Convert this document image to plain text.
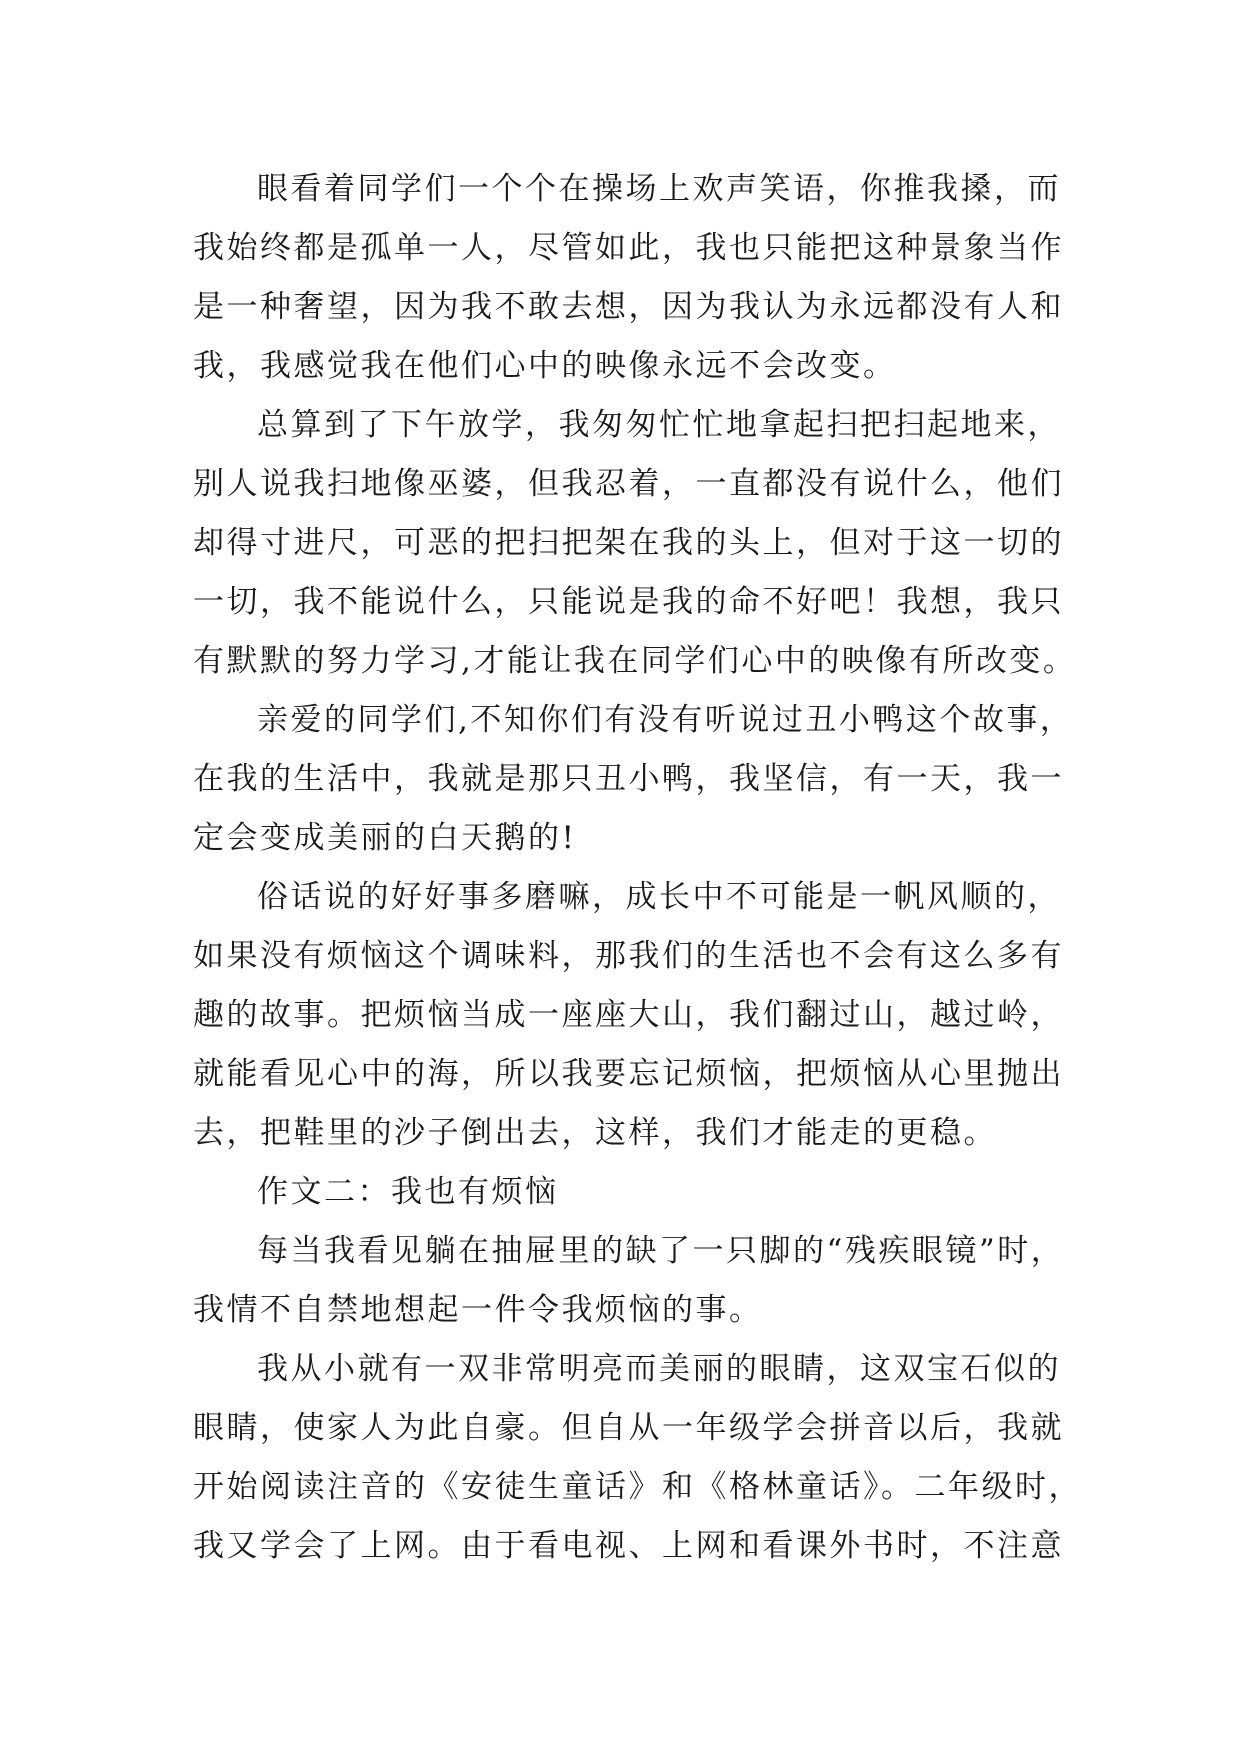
眼看着同学们一个个在操场上欢声笑语，你推我搡，而
我始终都是孤单一人，尽管如此，我也只能把这种景象当作
是一种奢望，因为我不敢去想，因为我认为永远都没有人和
我，我感觉我在他们心中的映像永远不会改变。
总算到了下午放学，我匆匆忙忙地拿起扫把扫起地来，
别人说我扫地像巫婆，但我忍着，一直都没有说什么，他们
却得寸进尺，可恶的把扫把架在我的头上，但对于这一切的
一切，我不能说什么，只能说是我的命不好吧！我想，我只
有默默的努力学习,才能让我在同学们心中的映像有所改变。
亲爱的同学们,不知你们有没有听说过丑小鸭这个故事，
在我的生活中，我就是那只丑小鸭，我坚信，有一天，我一
定会变成美丽的白天鹅的!
俗话说的好好事多磨嘛，成长中不可能是一帆风顺的，
如果没有烦恼这个调味料，那我们的生活也不会有这么多有
趣的故事。把烦恼当成一座座大山，我们翻过山，越过岭，
就能看见心中的海，所以我要忘记烦恼，把烦恼从心里抛出
去，把鞋里的沙子倒出去，这样，我们才能走的更稳。
作文二：我也有烦恼
每当我看见躺在抽屉里的缺了一只脚的“残疾眼镜”时，
我情不自禁地想起一件令我烦恼的事。
我从小就有一双非常明亮而美丽的眼睛，这双宝石似的
眼睛，使家人为此自豪。但自从一年级学会拼音以后，我就
开始阅读注音的《安徒生童话》和《格林童话》。二年级时，
我又学会了上网。由于看电视、上网和看课外书时，不注意
